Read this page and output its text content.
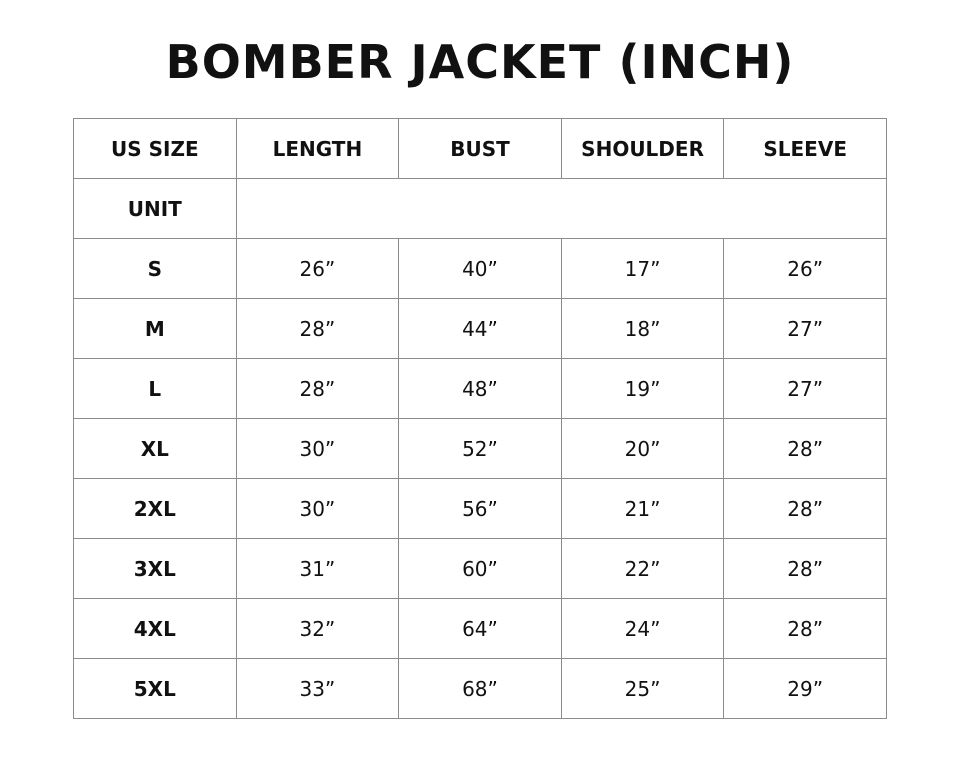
BOMBER JACKET (INCH)
US SIZE	LENGTH	BUST	SHOULDER	SLEEVE
UNIT				
S	26”	40”	17”	26”
M	28”	44”	18”	27”
L	28”	48”	19”	27”
XL	30”	52”	20”	28”
2XL	30”	56”	21”	28”
3XL	31”	60”	22”	28”
4XL	32”	64”	24”	28”
5XL	33”	68”	25”	29”
